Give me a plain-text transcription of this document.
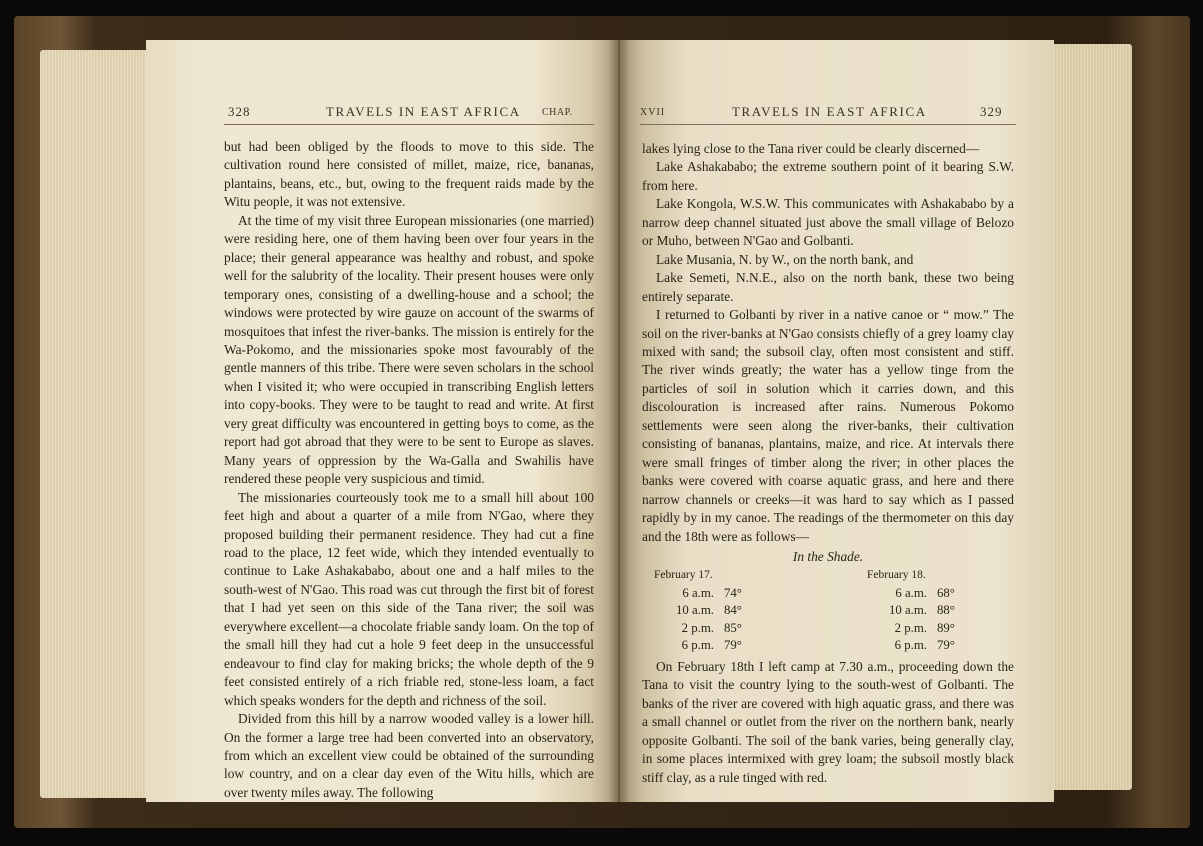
328	TRAVELS IN EAST AFRICA CHAP.

but had been obliged by the floods to move to this side. The cultivation round here consisted of millet, maize, rice, bananas, plantains, beans, etc., but, owing to the frequent raids made by the Witu people, it was not extensive.

At the time of my visit three European missionaries (one married) were residing here, one of them having been over four years in the place; their general appearance was healthy and robust, and spoke well for the salubrity of the locality. Their present houses were only temporary ones, consisting of a dwelling-house and a school; the windows were protected by wire gauze on account of the swarms of mosquitoes that infest the river-banks. The mission is entirely for the Wa-Pokomo, and the missionaries spoke most favourably of the gentle manners of this tribe. There were seven scholars in the school when I visited it; who were occupied in transcribing English letters into copy-books. They were to be taught to read and write. At first very great difficulty was encountered in getting boys to come, as the report had got abroad that they were to be sent to Europe as slaves. Many years of oppression by the Wa-Galla and Swahilis have rendered these people very suspicious and timid.

The missionaries courteously took me to a small hill about 100 feet high and about a quarter of a mile from N'Gao, where they proposed building their permanent residence. They had cut a fine road to the place, 12 feet wide, which they intended eventually to continue to Lake Ashakababo, about one and a half miles to the south-west of N'Gao. This road was cut through the first bit of forest that I had yet seen on this side of the Tana river; the soil was everywhere excellent—a chocolate friable sandy loam. On the top of the small hill they had cut a hole 9 feet deep in the unsuccessful endeavour to find clay for making bricks; the whole depth of the 9 feet consisted entirely of a rich friable red, stone-less loam, a fact which speaks wonders for the depth and richness of the soil.

Divided from this hill by a narrow wooded valley is a lower hill. On the former a large tree had been converted into an observatory, from which an excellent view could be obtained of the surrounding low country, and on a clear day even of the Witu hills, which are over twenty miles away. The following

XVII	TRAVELS IN EAST AFRICA	329

lakes lying close to the Tana river could be clearly discerned—

Lake Ashakababo; the extreme southern point of it bearing S.W. from here.

Lake Kongola, W.S.W. This communicates with Ashakababo by a narrow deep channel situated just above the small village of Belozo or Muho, between N'Gao and Golbanti.

Lake Musania, N. by W., on the north bank, and

Lake Semeti, N.N.E., also on the north bank, these two being entirely separate.

I returned to Golbanti by river in a native canoe or “ mow.” The soil on the river-banks at N'Gao consists chiefly of a grey loamy clay mixed with sand; the subsoil clay, often most consistent and stiff. The river winds greatly; the water has a yellow tinge from the particles of soil in solution which it carries down, and this discolouration is increased after rains. Numerous Pokomo settlements were seen along the river-banks, their cultivation consisting of bananas, plantains, maize, and rice. At intervals there were small fringes of timber along the river; in other places the banks were covered with coarse aquatic grass, and here and there narrow channels or creeks—it was hard to say which as I passed rapidly by in my canoe. The readings of the thermometer on this day and the 18th were as follows—

In the Shade.
February 17.
6 a.m. 74°
10 a.m. 84°
2 p.m. 85°
6 p.m. 79°
February 18.
6 a.m. 68°
10 a.m. 88°
2 p.m. 89°
6 p.m. 79°

On February 18th I left camp at 7.30 a.m., proceeding down the Tana to visit the country lying to the south-west of Golbanti. The banks of the river are covered with high aquatic grass, and there was a small channel or outlet from the river on the northern bank, nearly opposite Golbanti. The soil of the bank varies, being generally clay, in some places intermixed with grey loam; the subsoil mostly black stiff clay, as a rule tinged with red.
